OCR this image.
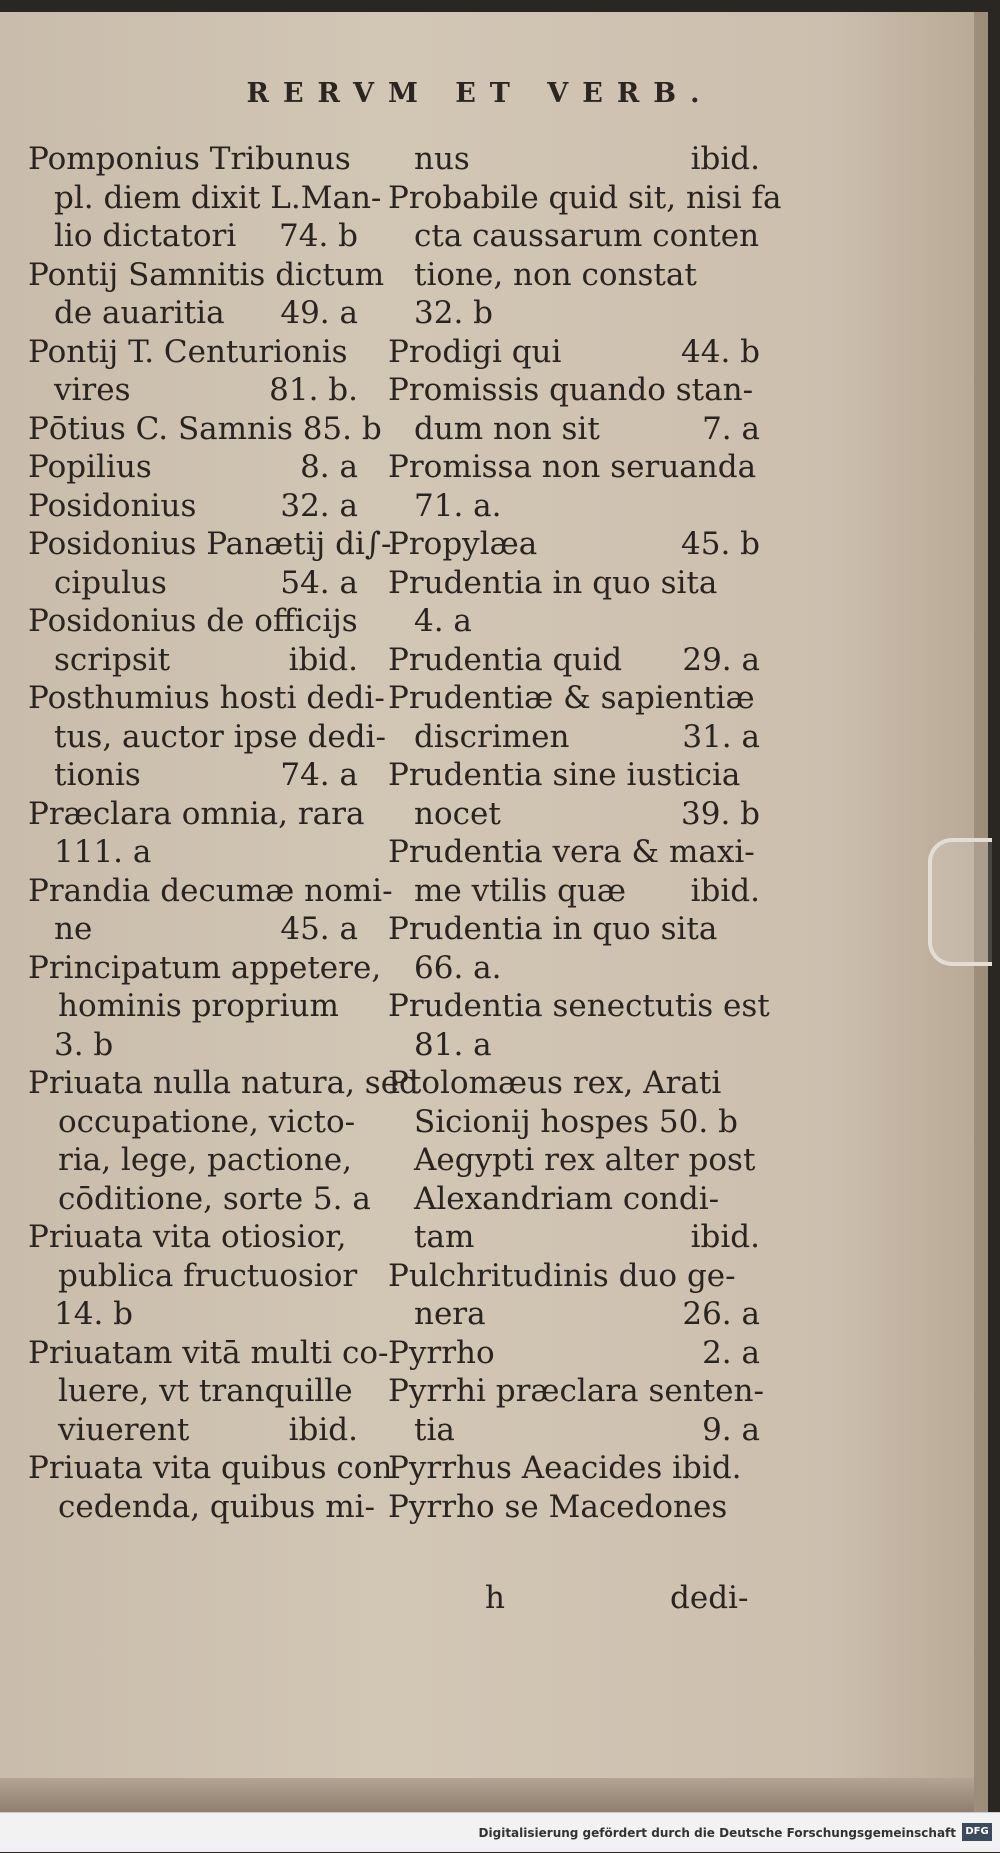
RERVM ET VERB.
Pomponius Tribunus
pl. diem dixit L.Man-
lio dictatori 74. b
Pontij Samnitis dictum
de auaritia 49. a
Pontij T. Centurionis
vires	81. b.
Pōtius C. Samnis 85. b
Popilius	8. a
Posidonius	32. a
Posidonius Panætij di∫-
cipulus	54. a
Posidonius de officijs
scripsit	ibid.
Posthumius hosti dedi-
tus, auctor ipse dedi-
tionis	74. a
Præclara omnia, rara
111. a
Prandia decumæ nomi-
ne	45. a
Principatum appetere,
hominis proprium
3. b
Priuata nulla natura, sed
occupatione, victo-
ria, lege, pactione,
cōditione, sorte 5. a
Priuata vita otiosior,
publica fructuosior
14. b
Priuatam vitā multi co-
luere, vt tranquille
viuerent	ibid.
Priuata vita quibus con
cedenda, quibus mi-
nus	ibid.
Probabile quid sit, nisi fa
cta caussarum conten
tione, non constat
32. b
Prodigi qui	44. b
Promissis quando stan-
dum non sit	7. a
Promissa non seruanda
71. a.
Propylæa	45. b
Prudentia in quo sita
4. a
Prudentia quid 29. a
Prudentiæ & sapientiæ
discrimen	31. a
Prudentia sine iusticia
nocet	39. b
Prudentia vera & maxi-
me vtilis quæ ibid.
Prudentia in quo sita
66. a.
Prudentia senectutis est
81. a
Ptolomæus rex, Arati
Sicionij hospes 50. b
Aegypti rex alter post
Alexandriam condi-
tam	ibid.
Pulchritudinis duo ge-
nera	26. a
Pyrrho	2. a
Pyrrhi præclara senten-
tia	9. a
Pyrrhus Aeacides ibid.
Pyrrho se Macedones
h	dedi-
Digitalisierung gefördert durch die Deutsche Forschungsgemeinschaft DFG
